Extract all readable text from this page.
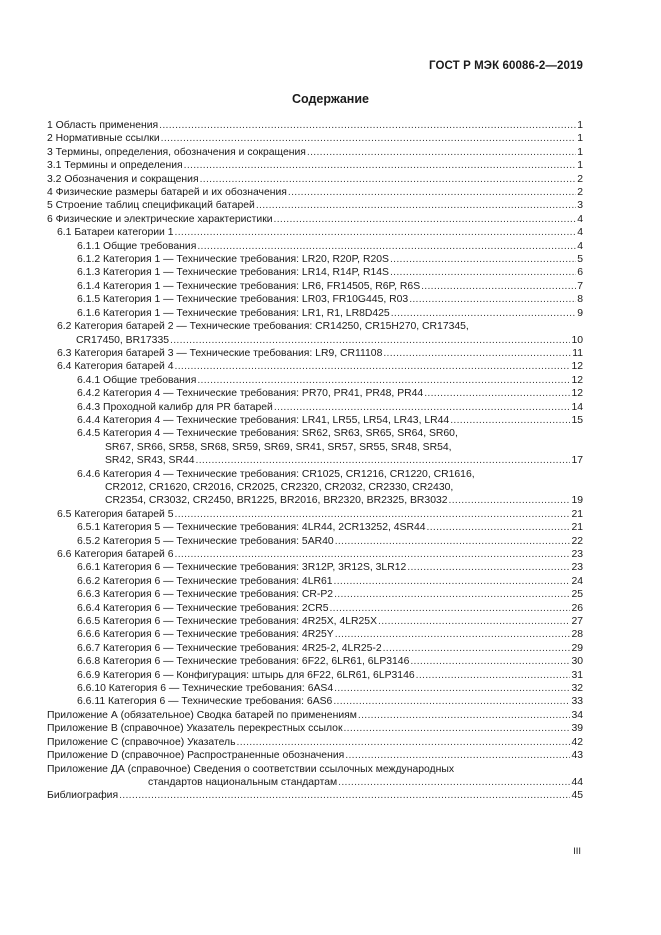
ГОСТ Р МЭК 60086-2—2019
Содержание
1 Область применения .....	1
2 Нормативные ссылки .....	1
3 Термины, определения, обозначения и сокращения .....	1
3.1 Термины и определения .....	1
3.2 Обозначения и сокращения .....	2
4 Физические размеры батарей и их обозначения .....	2
5 Строение таблиц спецификаций батарей .....	3
6 Физические и электрические характеристики .....	4
6.1 Батареи категории 1 .....	4
6.1.1 Общие требования .....	4
6.1.2 Категория 1 — Технические требования: LR20, R20P, R20S .....	5
6.1.3 Категория 1 — Технические требования: LR14, R14P, R14S .....	6
6.1.4 Категория 1 — Технические требования: LR6, FR14505, R6P, R6S .....	7
6.1.5 Категория 1 — Технические требования: LR03, FR10G445, R03 .....	8
6.1.6 Категория 1 — Технические требования: LR1, R1, LR8D425 .....	9
6.2 Категория батарей 2 — Технические требования: CR14250, CR15H270, CR17345,
CR17450, BR17335 .....	10
6.3 Категория батарей 3 — Технические требования: LR9, CR11108 .....	11
6.4 Категория батарей 4 .....	12
6.4.1 Общие требования .....	12
6.4.2 Категория 4 — Технические требования: PR70, PR41, PR48, PR44 .....	12
6.4.3 Проходной калибр для PR батарей .....	14
6.4.4 Категория 4 — Технические требования: LR41, LR55, LR54, LR43, LR44 .....	15
6.4.5 Категория 4 — Технические требования: SR62, SR63, SR65, SR64, SR60,
SR67, SR66, SR58, SR68, SR59, SR69, SR41, SR57, SR55, SR48, SR54,
SR42, SR43, SR44 .....	17
6.4.6 Категория 4 — Технические требования: CR1025, CR1216, CR1220, CR1616,
CR2012, CR1620, CR2016, CR2025, CR2320, CR2032, CR2330, CR2430,
CR2354, CR3032, CR2450, BR1225, BR2016, BR2320, BR2325, BR3032 .....	19
6.5 Категория батарей 5 .....	21
6.5.1 Категория 5 — Технические требования: 4LR44, 2CR13252, 4SR44 .....	21
6.5.2 Категория 5 — Технические требования: 5AR40 .....	22
6.6 Категория батарей 6 .....	23
6.6.1 Категория 6 — Технические требования: 3R12P, 3R12S, 3LR12 .....	23
6.6.2 Категория 6 — Технические требования: 4LR61 .....	24
6.6.3 Категория 6 — Технические требования: CR-P2 .....	25
6.6.4 Категория 6 — Технические требования: 2CR5 .....	26
6.6.5 Категория 6 — Технические требования: 4R25X, 4LR25X .....	27
6.6.6 Категория 6 — Технические требования: 4R25Y .....	28
6.6.7 Категория 6 — Технические требования: 4R25-2, 4LR25-2 .....	29
6.6.8 Категория 6 — Технические требования: 6F22, 6LR61, 6LP3146 .....	30
6.6.9 Категория 6 — Конфигурация: штырь для 6F22, 6LR61, 6LP3146 .....	31
6.6.10 Категория 6 — Технические требования: 6AS4 .....	32
6.6.11 Категория 6 — Технические требования: 6AS6 .....	33
Приложение А (обязательное) Сводка батарей по применениям .....	34
Приложение В (справочное) Указатель перекрестных ссылок .....	39
Приложение С (справочное) Указатель .....	42
Приложение D (справочное) Распространенные обозначения .....	43
Приложение ДА (справочное) Сведения о соответствии ссылочных международных
стандартов национальным стандартам .....	44
Библиография .....	45
III
